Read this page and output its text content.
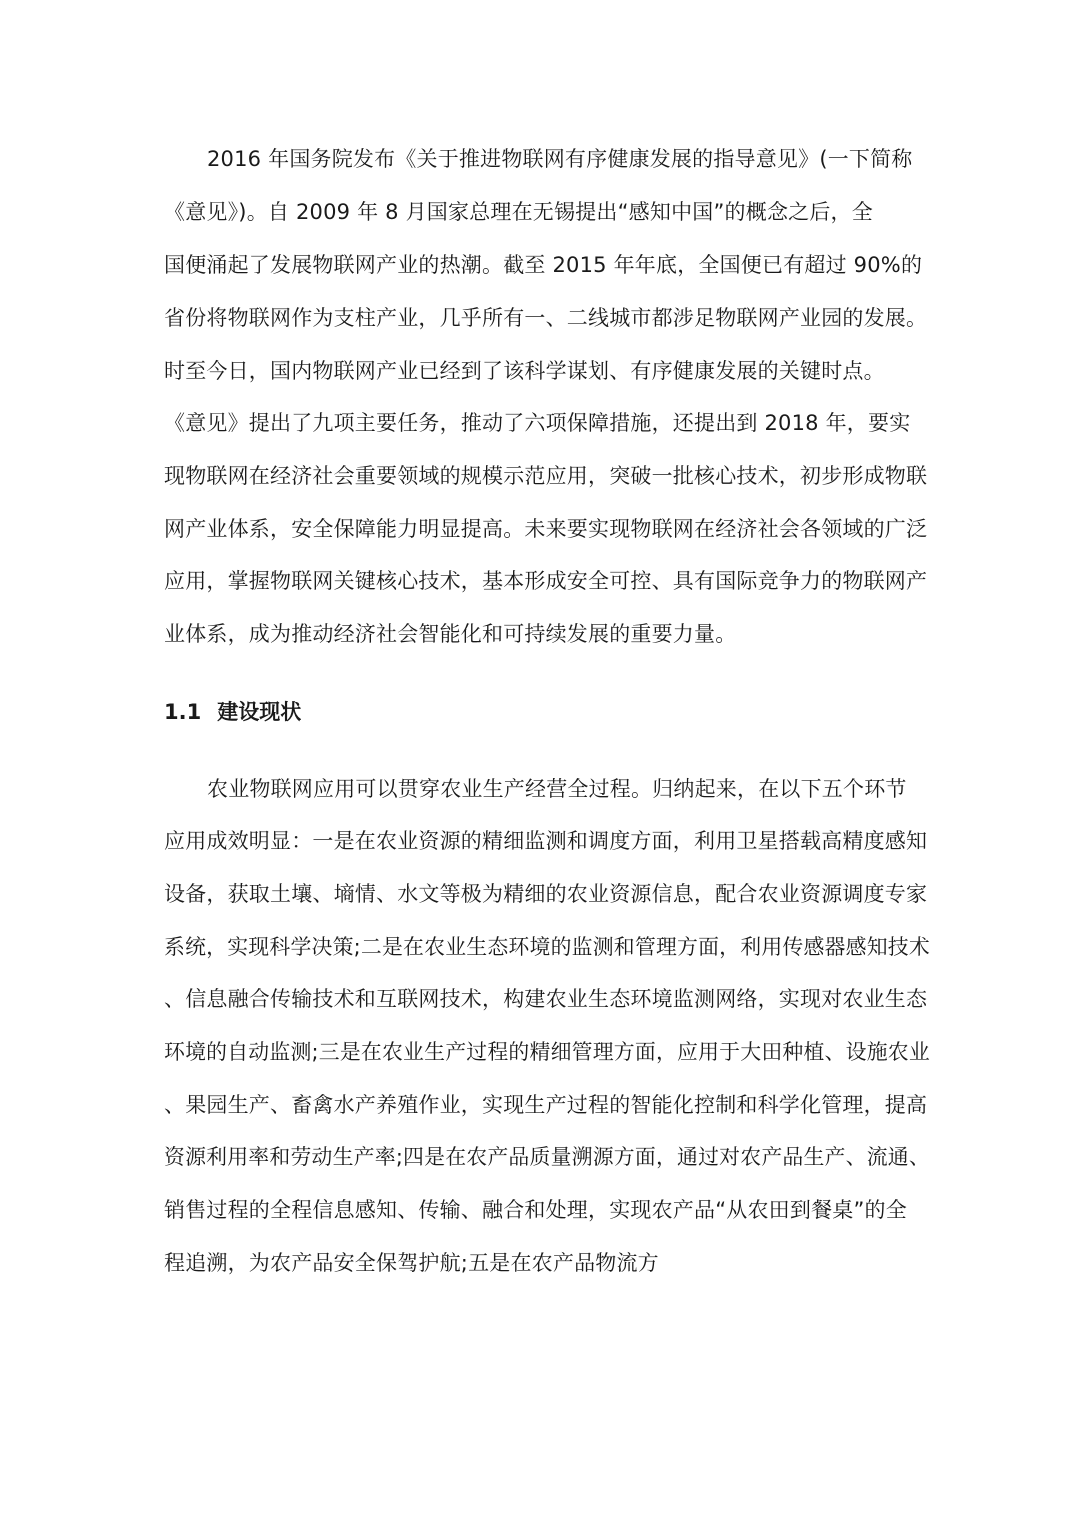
2016 年国务院发布《关于推进物联网有序健康发展的指导意见》(一下简称
《意见》)。自 2009 年 8 月国家总理在无锡提出“感知中国”的概念之后，全
国便涌起了发展物联网产业的热潮。截至 2015 年年底，全国便已有超过 90%的
省份将物联网作为支柱产业，几乎所有一、二线城市都涉足物联网产业园的发展。
时至今日，国内物联网产业已经到了该科学谋划、有序健康发展的关键时点。
《意见》提出了九项主要任务，推动了六项保障措施，还提出到 2018 年，要实
现物联网在经济社会重要领域的规模示范应用，突破一批核心技术，初步形成物联
网产业体系，安全保障能力明显提高。未来要实现物联网在经济社会各领域的广泛
应用，掌握物联网关键核心技术，基本形成安全可控、具有国际竞争力的物联网产
业体系，成为推动经济社会智能化和可持续发展的重要力量。
1.1 建设现状
农业物联网应用可以贯穿农业生产经营全过程。归纳起来，在以下五个环节
应用成效明显：一是在农业资源的精细监测和调度方面，利用卫星搭载高精度感知
设备，获取土壤、墒情、水文等极为精细的农业资源信息，配合农业资源调度专家
系统，实现科学决策;二是在农业生态环境的监测和管理方面，利用传感器感知技术
、信息融合传输技术和互联网技术，构建农业生态环境监测网络，实现对农业生态
环境的自动监测;三是在农业生产过程的精细管理方面，应用于大田种植、设施农业
、果园生产、畜禽水产养殖作业，实现生产过程的智能化控制和科学化管理，提高
资源利用率和劳动生产率;四是在农产品质量溯源方面，通过对农产品生产、流通、
销售过程的全程信息感知、传输、融合和处理，实现农产品“从农田到餐桌”的全
程追溯，为农产品安全保驾护航;五是在农产品物流方
